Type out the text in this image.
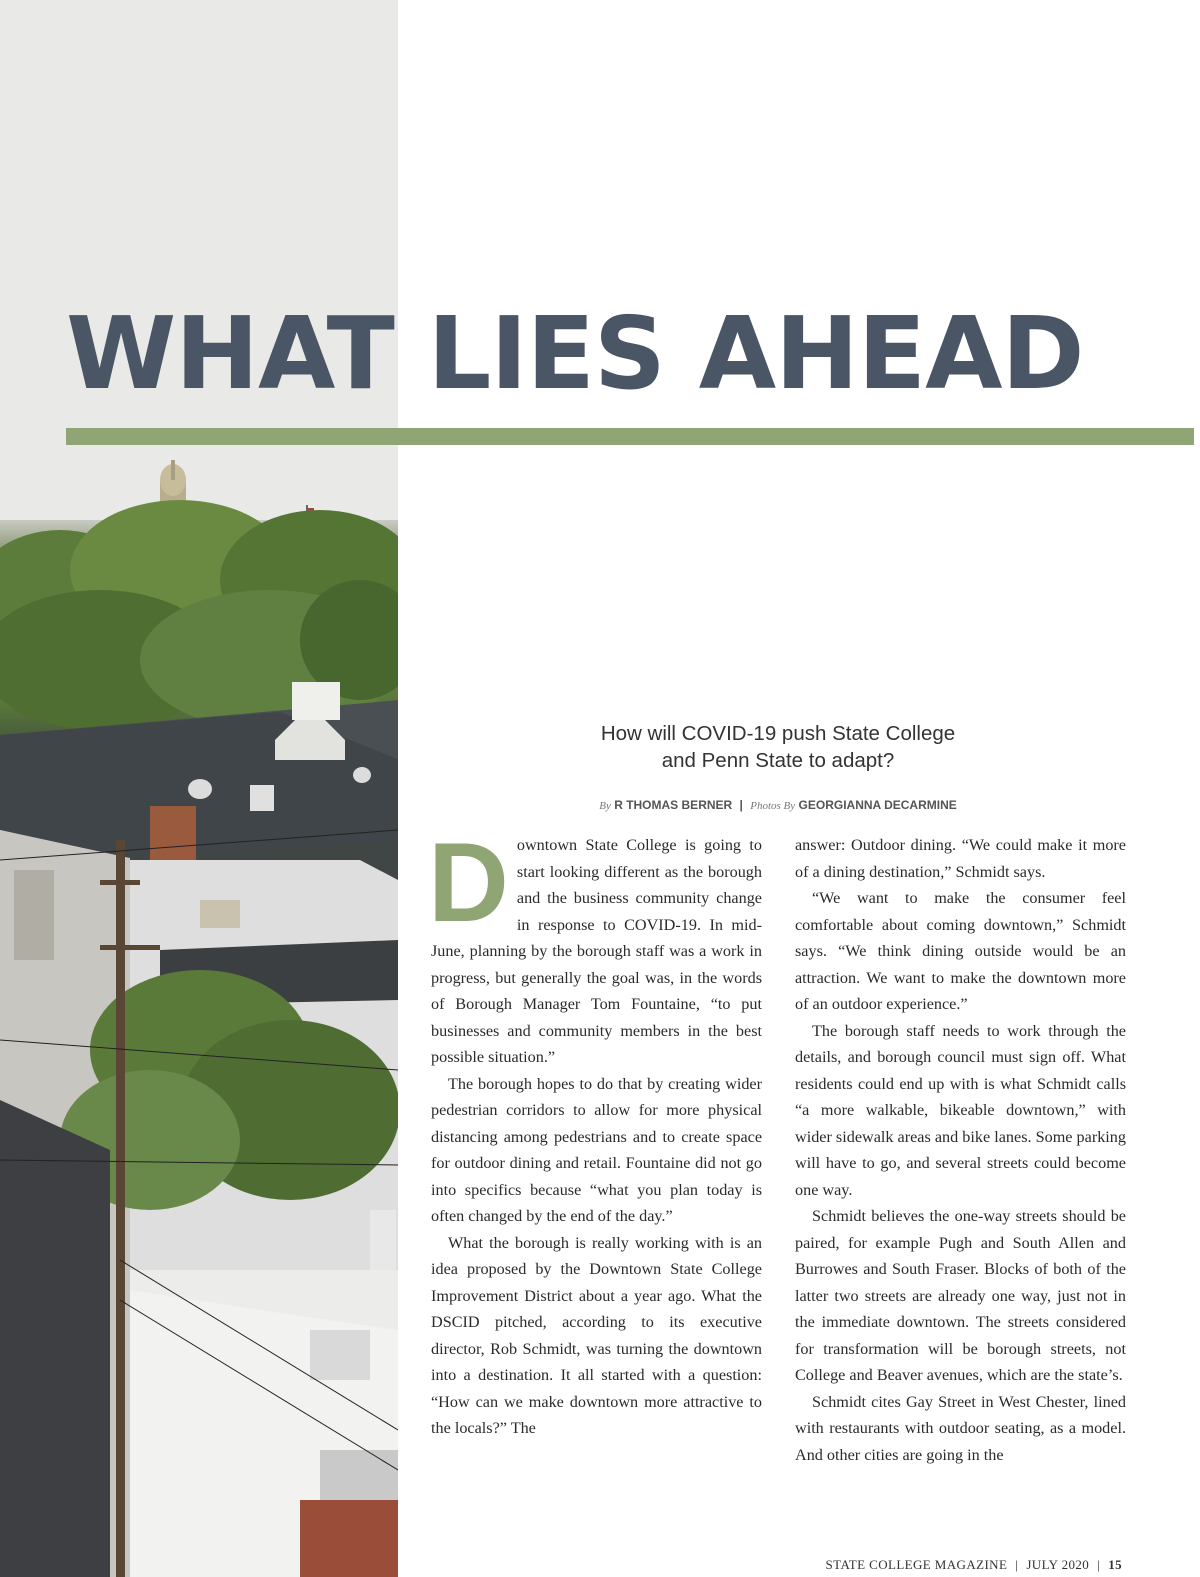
WHAT LIES AHEAD
How will COVID-19 push State College
and Penn State to adapt?
By R THOMAS BERNER | Photos By GEORGIANNA DECARMINE

Downtown State College is going to start looking different as the borough and the business community change in response to COVID-19. In mid-June, planning by the borough staff was a work in progress, but generally the goal was, in the words of Borough Manager Tom Fountaine, “to put businesses and community members in the best possible situation.”

The borough hopes to do that by creating wider pedestrian corridors to allow for more physical distancing among pedestrians and to create space for outdoor dining and retail. Fountaine did not go into specifics because “what you plan today is often changed by the end of the day.”

What the borough is really working with is an idea proposed by the Downtown State College Improvement District about a year ago. What the DSCID pitched, according to its executive director, Rob Schmidt, was turning the downtown into a destination. It all started with a question: “How can we make downtown more attractive to the locals?” The

answer: Outdoor dining. “We could make it more of a dining destination,” Schmidt says.

“We want to make the consumer feel comfortable about coming downtown,” Schmidt says. “We think dining outside would be an attraction. We want to make the downtown more of an outdoor experience.”

The borough staff needs to work through the details, and borough council must sign off. What residents could end up with is what Schmidt calls “a more walkable, bikeable downtown,” with wider sidewalk areas and bike lanes. Some parking will have to go, and several streets could become one way.

Schmidt believes the one-way streets should be paired, for example Pugh and South Allen and Burrowes and South Fraser. Blocks of both of the latter two streets are already one way, just not in the immediate downtown. The streets considered for transformation will be borough streets, not College and Beaver avenues, which are the state’s.

Schmidt cites Gay Street in West Chester, lined with restaurants with outdoor seating, as a model. And other cities are going in the

STATE COLLEGE MAGAZINE | JULY 2020 | 15
